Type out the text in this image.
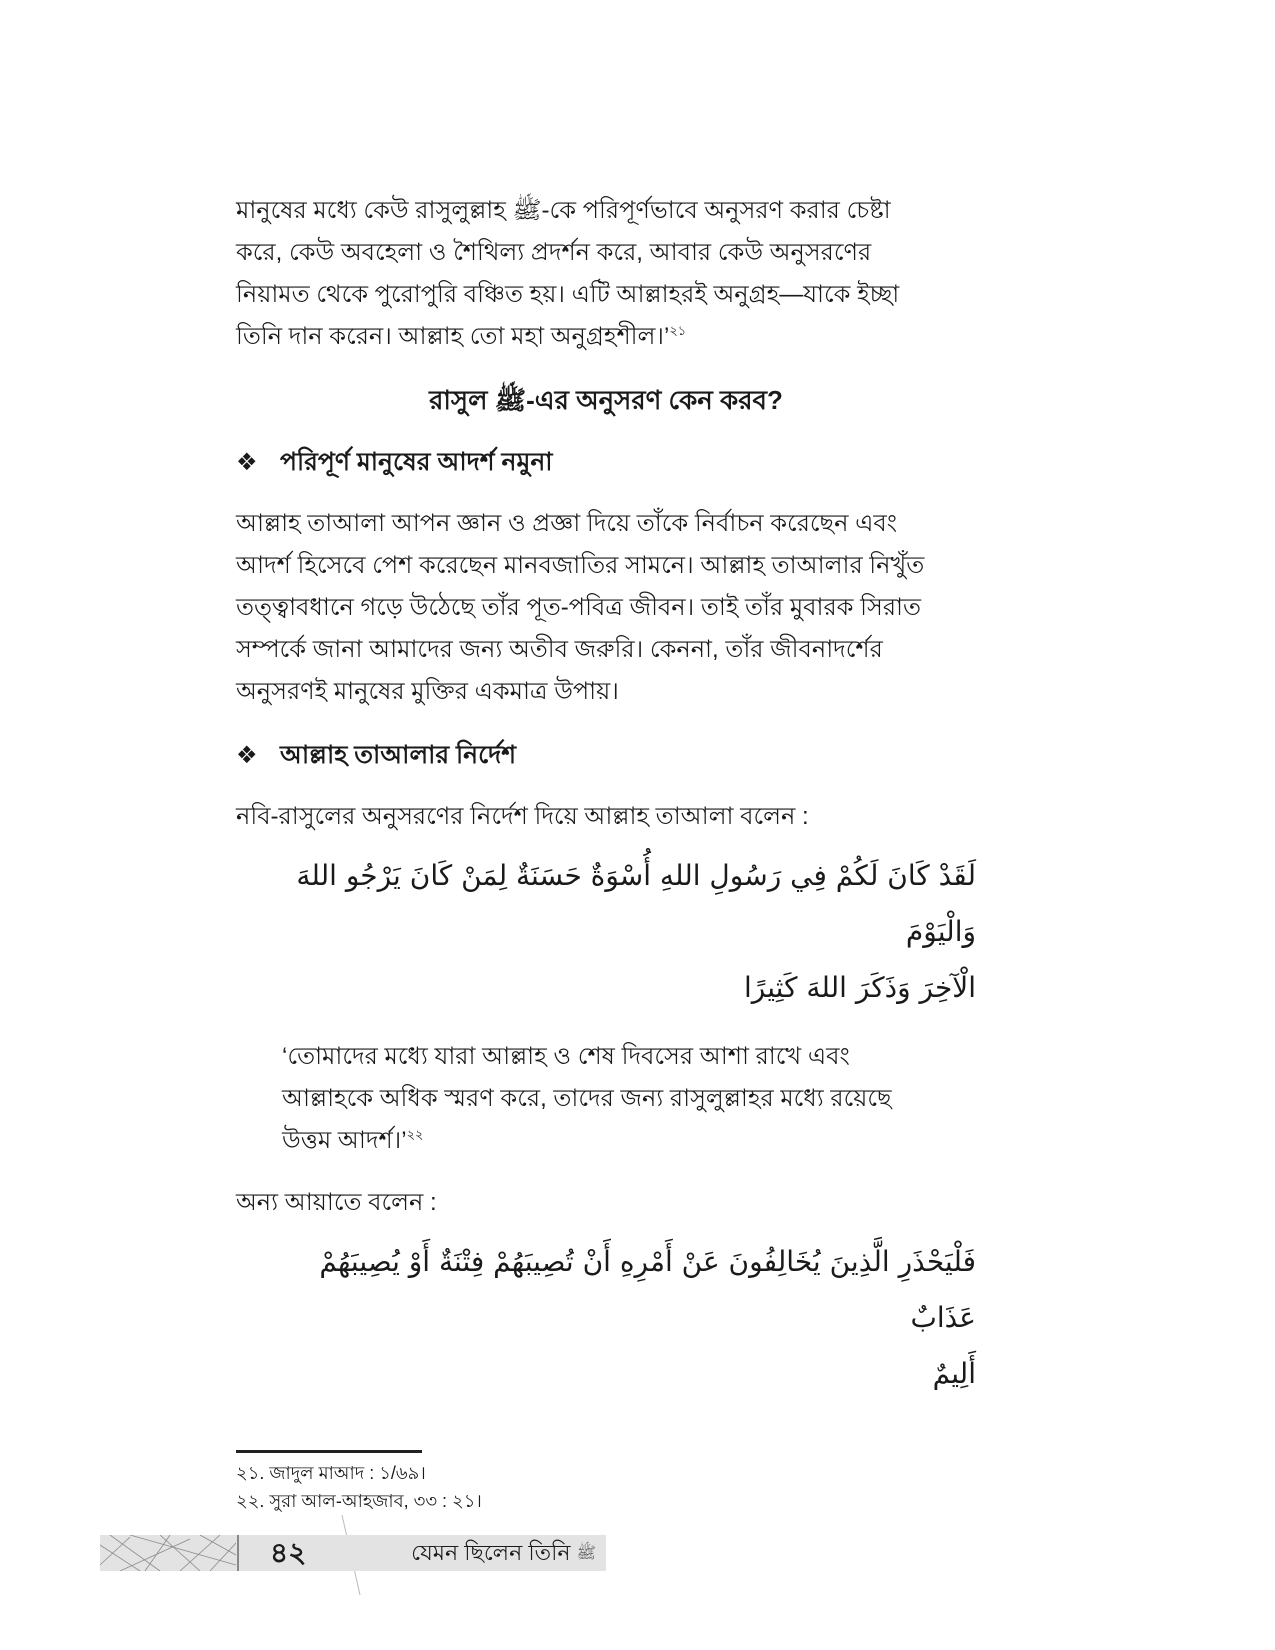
মানুষের মধ্যে কেউ রাসুলুল্লাহ ﷺ-কে পরিপূর্ণভাবে অনুসরণ করার চেষ্টা
করে, কেউ অবহেলা ও শৈথিল্য প্রদর্শন করে, আবার কেউ অনুসরণের
নিয়ামত থেকে পুরোপুরি বঞ্চিত হয়। এটি আল্লাহরই অনুগ্রহ—যাকে ইচ্ছা
তিনি দান করেন। আল্লাহ তো মহা অনুগ্রহশীল।’$^{২১}$
রাসুল ﷺ-এর অনুসরণ কেন করব?
❖ পরিপূর্ণ মানুষের আদর্শ নমুনা
আল্লাহ তাআলা আপন জ্ঞান ও প্রজ্ঞা দিয়ে তাঁকে নির্বাচন করেছেন এবং
আদর্শ হিসেবে পেশ করেছেন মানবজাতির সামনে। আল্লাহ তাআলার নিখুঁত
তত্ত্বাবধানে গড়ে উঠেছে তাঁর পূত-পবিত্র জীবন। তাই তাঁর মুবারক সিরাত
সম্পর্কে জানা আমাদের জন্য অতীব জরুরি। কেননা, তাঁর জীবনাদর্শের
অনুসরণই মানুষের মুক্তির একমাত্র উপায়।
❖ আল্লাহ তাআলার নির্দেশ
নবি-রাসুলের অনুসরণের নির্দেশ দিয়ে আল্লাহ তাআলা বলেন :
لَقَدْ كَانَ لَكُمْ فِي رَسُولِ اللهِ أُسْوَةٌ حَسَنَةٌ لِمَنْ كَانَ يَرْجُو اللهَ وَالْيَوْمَ
الْآخِرَ وَذَكَرَ اللهَ كَثِيرًا
‘তোমাদের মধ্যে যারা আল্লাহ ও শেষ দিবসের আশা রাখে এবং
আল্লাহকে অধিক স্মরণ করে, তাদের জন্য রাসুলুল্লাহর মধ্যে রয়েছে
উত্তম আদর্শ।’$^{২২}$
অন্য আয়াতে বলেন :
فَلْيَحْذَرِ الَّذِينَ يُخَالِفُونَ عَنْ أَمْرِهِ أَنْ تُصِيبَهُمْ فِتْنَةٌ أَوْ يُصِيبَهُمْ عَذَابٌ
أَلِيمٌ
২১. জাদুল মাআদ : ১/৬৯।
২২. সুরা আল-আহজাব, ৩৩ : ২১।
৪২	যেমন ছিলেন তিনি ﷺ
